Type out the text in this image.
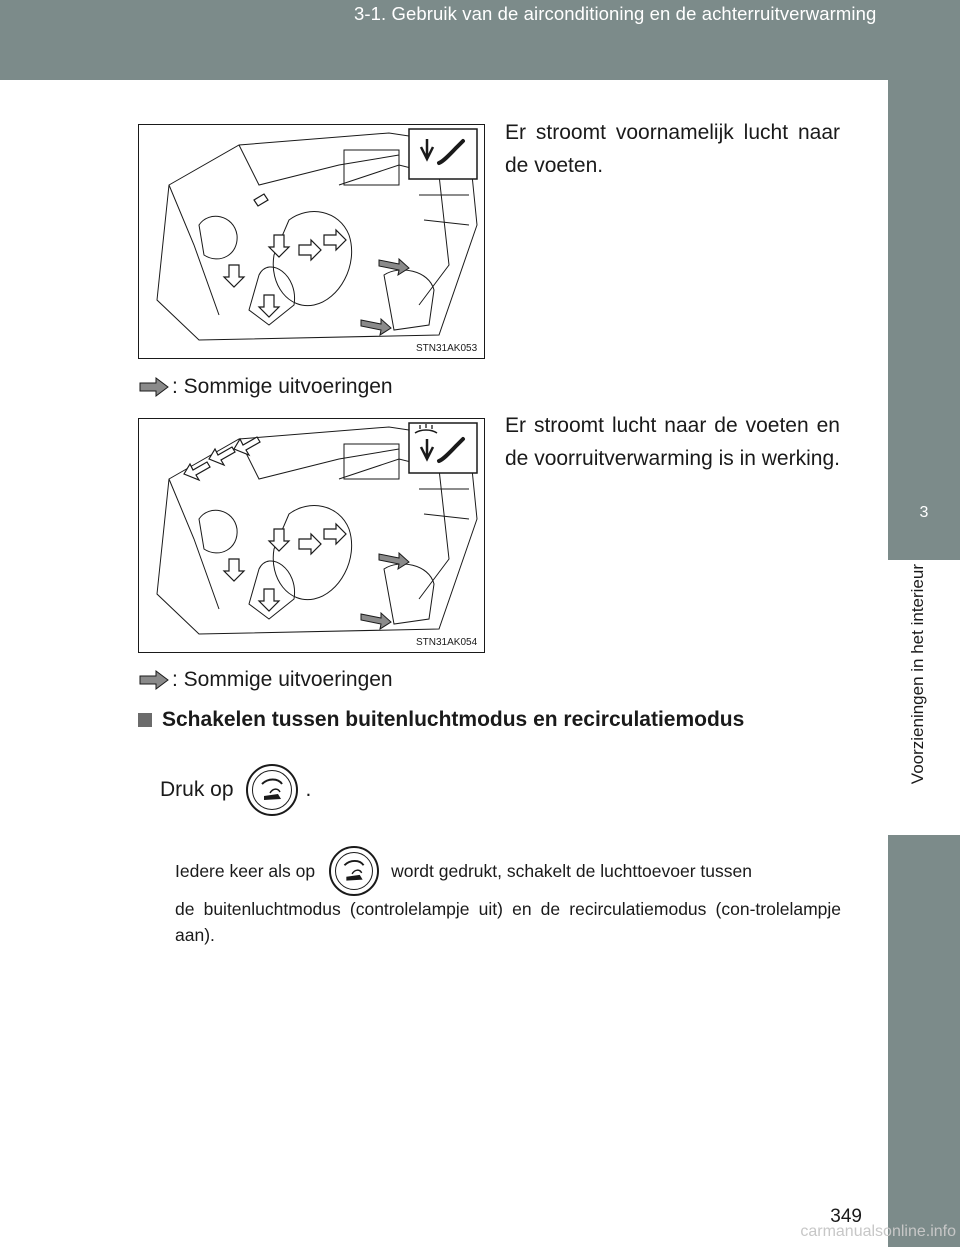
3-1. Gebruik van de airconditioning en de achterruitverwarming
3
Voorzieningen in het interieur
STN31AK053
Er stroomt voornamelijk lucht naar de voeten.
: Sommige uitvoeringen
STN31AK054
Er stroomt lucht naar de voeten en de voorruitverwarming is in werking.
: Sommige uitvoeringen
Schakelen tussen buitenluchtmodus en recirculatiemodus
Druk op	.
Iedere keer als op	wordt gedrukt, schakelt de luchttoevoer tussen
de buitenluchtmodus (controlelampje uit) en de recirculatiemodus (con-trolelampje aan).
349
carmanualsonline.info
